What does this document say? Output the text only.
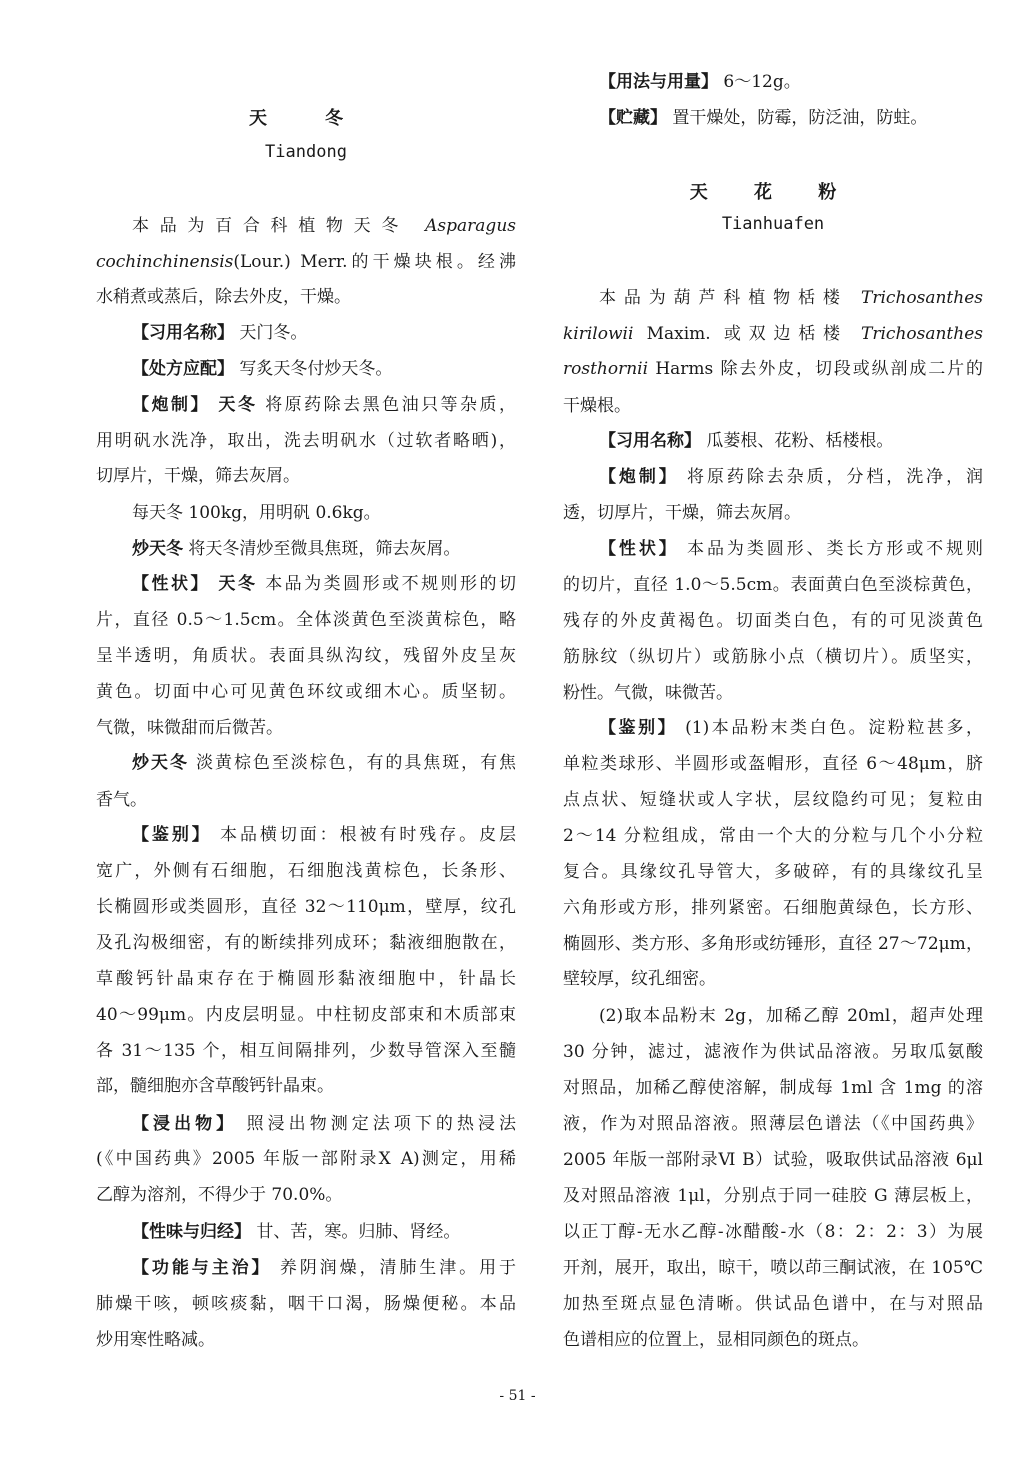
天　冬
Tiandong
本品为百合科植物天冬 Asparagus
cochinchinensis(Lour.) Merr.的干燥块根。经沸
水稍煮或蒸后，除去外皮，干燥。
【习用名称】 天门冬。
【处方应配】 写炙天冬付炒天冬。
【炮制】 天冬 将原药除去黑色油只等杂质，
用明矾水洗净，取出，洗去明矾水（过软者略晒)，
切厚片，干燥，筛去灰屑。
每天冬 100kg，用明矾 0.6kg。
炒天冬 将天冬清炒至微具焦斑，筛去灰屑。
【性状】 天冬 本品为类圆形或不规则形的切
片，直径 0.5～1.5cm。全体淡黄色至淡黄棕色，略
呈半透明，角质状。表面具纵沟纹，残留外皮呈灰
黄色。切面中心可见黄色环纹或细木心。质坚韧。
气微，味微甜而后微苦。
炒天冬 淡黄棕色至淡棕色，有的具焦斑，有焦
香气。
【鉴别】 本品横切面：根被有时残存。皮层
宽广，外侧有石细胞，石细胞浅黄棕色，长条形、
长椭圆形或类圆形，直径 32～110μm，壁厚，纹孔
及孔沟极细密，有的断续排列成环；黏液细胞散在，
草酸钙针晶束存在于椭圆形黏液细胞中，针晶长
40～99μm。内皮层明显。中柱韧皮部束和木质部束
各 31～135 个，相互间隔排列，少数导管深入至髓
部，髓细胞亦含草酸钙针晶束。
【浸出物】 照浸出物测定法项下的热浸法
(《中国药典》2005 年版一部附录Ⅹ A)测定，用稀
乙醇为溶剂，不得少于 70.0%。
【性味与归经】 甘、苦，寒。归肺、肾经。
【功能与主治】 养阴润燥，清肺生津。用于
肺燥干咳，顿咳痰黏，咽干口渴，肠燥便秘。本品
炒用寒性略减。
天 花 粉
Tianhuafen
【用法与用量】 6～12g。
【贮藏】 置干燥处，防霉，防泛油，防蛀。
本品为葫芦科植物栝楼 Trichosanthes
kirilowii Maxim. 或双边栝楼 Trichosanthes
rosthornii Harms 除去外皮，切段或纵剖成二片的
干燥根。
【习用名称】 瓜蒌根、花粉、栝楼根。
【炮制】 将原药除去杂质，分档，洗净，润
透，切厚片，干燥，筛去灰屑。
【性状】 本品为类圆形、类长方形或不规则
的切片，直径 1.0～5.5cm。表面黄白色至淡棕黄色，
残存的外皮黄褐色。切面类白色，有的可见淡黄色
筋脉纹（纵切片）或筋脉小点（横切片）。质坚实，
粉性。气微，味微苦。
【鉴别】 (1)本品粉末类白色。淀粉粒甚多，
单粒类球形、半圆形或盔帽形，直径 6～48μm，脐
点点状、短缝状或人字状，层纹隐约可见；复粒由
2～14 分粒组成，常由一个大的分粒与几个小分粒
复合。具缘纹孔导管大，多破碎，有的具缘纹孔呈
六角形或方形，排列紧密。石细胞黄绿色，长方形、
椭圆形、类方形、多角形或纺锤形，直径 27～72μm，
壁较厚，纹孔细密。
(2)取本品粉末 2g，加稀乙醇 20ml，超声处理
30 分钟，滤过，滤液作为供试品溶液。另取瓜氨酸
对照品，加稀乙醇使溶解，制成每 1ml 含 1mg 的溶
液，作为对照品溶液。照薄层色谱法（《中国药典》
2005 年版一部附录Ⅵ B）试验，吸取供试品溶液 6μl
及对照品溶液 1μl，分别点于同一硅胶 G 薄层板上，
以正丁醇-无水乙醇-冰醋酸-水（8：2：2：3）为展
开剂，展开，取出，晾干，喷以茚三酮试液，在 105℃
加热至斑点显色清晰。供试品色谱中，在与对照品
色谱相应的位置上，显相同颜色的斑点。
- 51 -
